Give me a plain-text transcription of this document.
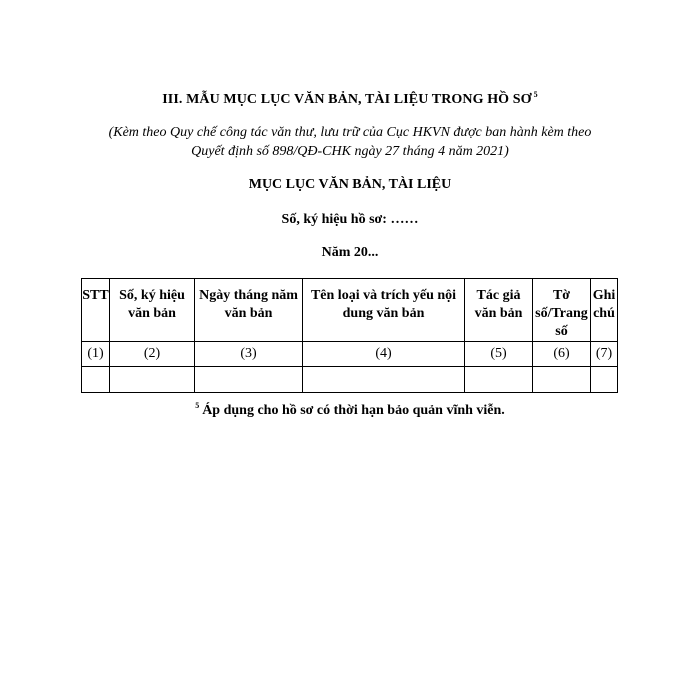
III. MẪU MỤC LỤC VĂN BẢN, TÀI LIỆU TRONG HỒ SƠ $^5$
(Kèm theo Quy chế công tác văn thư, lưu trữ của Cục HKVN được ban hành kèm theo
Quyết định số 898/QĐ-CHK ngày 27 tháng 4 năm 2021)
MỤC LỤC VĂN BẢN, TÀI LIỆU
Số, ký hiệu hồ sơ: ……
Năm 20...
STT	Số, ký hiệu văn bản	Ngày tháng năm văn bản	Tên loại và trích yếu nội dung văn bản	Tác giả văn bản	Tờ số/Trang số	Ghi chú
(1)	(2)	(3)	(4)	(5)	(6)	(7)

$^5$ Áp dụng cho hồ sơ có thời hạn bảo quản vĩnh viễn.
